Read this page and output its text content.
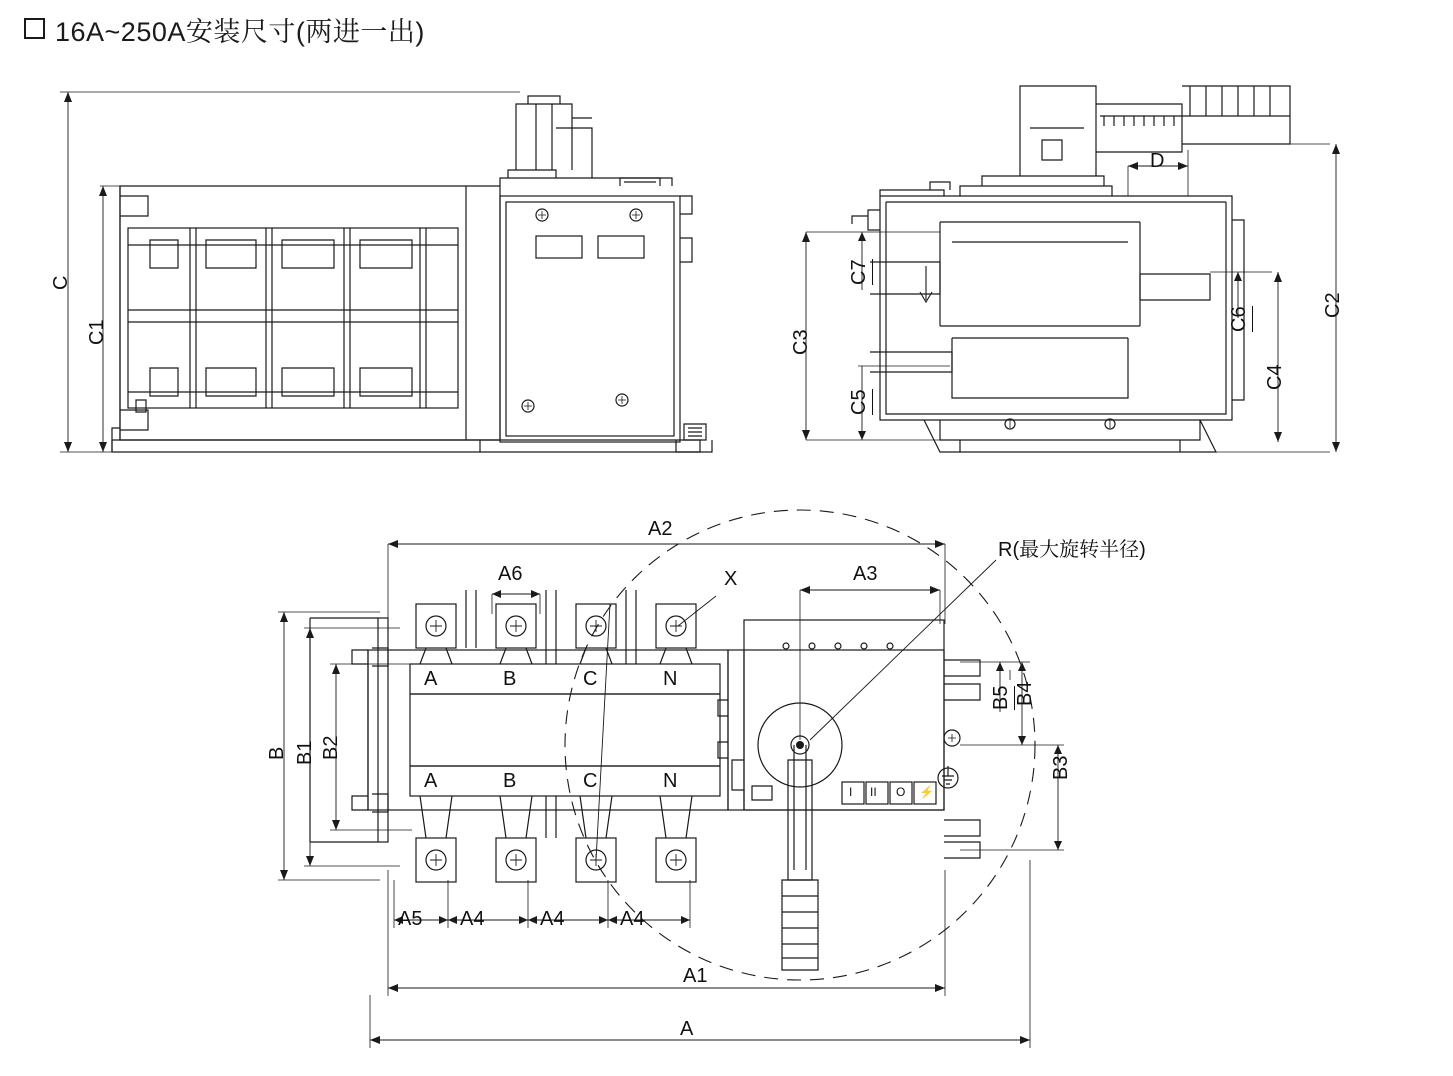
16A~250A安装尺寸(两进一出)
C
C1
D
C7
C3
C5
C6
C4
C2
A2
A6	X	A3
R(最大旋转半径)
B B1 B2
B5 B4
B3
A5 A4	A4	A4
A1
A
A	B	C	N
A	B	C	N	I II O ⚡
